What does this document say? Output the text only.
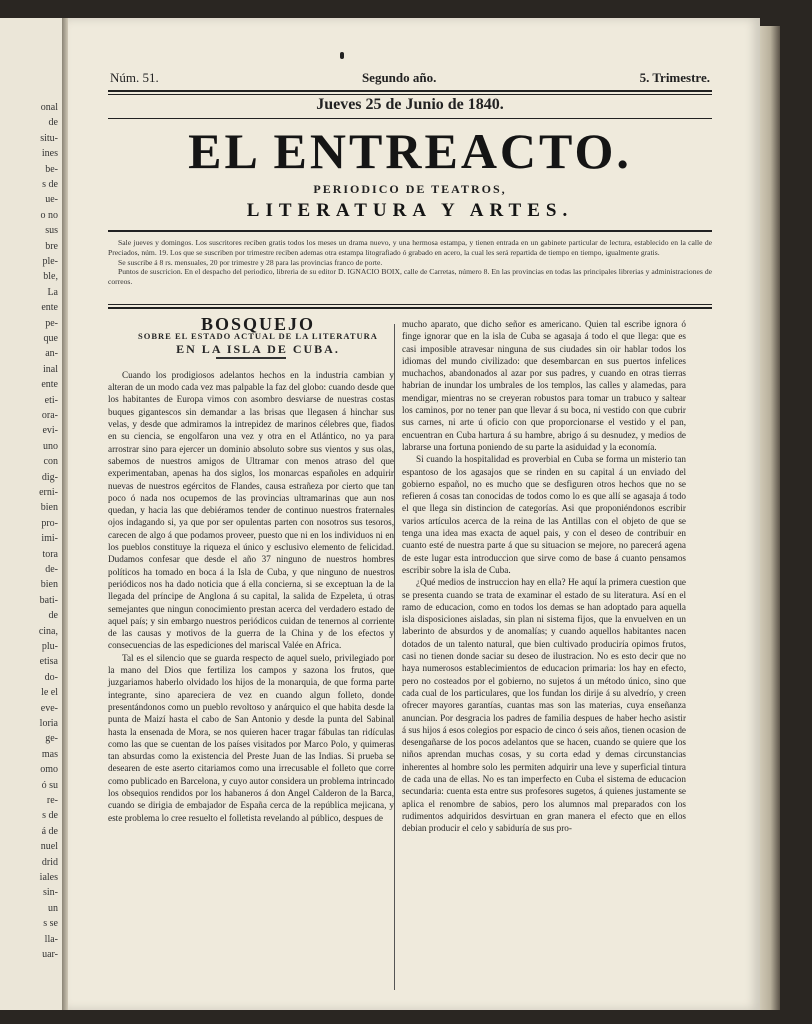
onal
de
situ-
ines
be-
s de
ue-
o no
sus
bre
ple-
ble,
La
ente
pe-
que
an-
inal
ente
eti-
ora-
evi-
uno
con
dig-
erni-
bien
pro-
imi-
tora
de-
bien
bati-
de
cina,
plu-
etisa
do-
le el
eve-
loria
ge-
mas
omo
ó su
re-
s de
á de
nuel
drid
iales
sin-
un
s se
lla-
uar-
Núm. 51.	Segundo año.	5. Trimestre.
Jueves 25 de Junio de 1840.
EL ENTREACTO.
PERIODICO DE TEATROS,
LITERATURA Y ARTES.

Sale jueves y domingos. Los suscritores reciben gratis todos los meses un drama nuevo, y una hermosa estampa, y tienen entrada en un gabinete particular de lectura, establecido en la calle de Preciados, núm. 19. Los que se suscriben por trimestre reciben ademas otra estampa litografiado ó grabado en acero, la cual les será repartida de tiempo en tiempo, igualmente gratis.

Se suscribe á 8 rs. mensuales, 20 por trimestre y 28 para las provincias franco de porte.

Puntos de suscricion. En el despacho del periodico, libreria de su editor D. IGNACIO BOIX, calle de Carretas, número 8. En las provincias en todas las principales librerias y administraciones de correos.

BOSQUEJO

SOBRE EL ESTADO ACTUAL DE LA LITERATURA

EN LA ISLA DE CUBA.

Cuando los prodigiosos adelantos hechos en la industria cambian y alteran de un modo cada vez mas palpable la faz del globo: cuando desde que los habitantes de Europa vimos con asombro desviarse de nuestras costas buques gigantescos sin demandar a las brisas que llegasen á hinchar sus velas, y desde que admiramos la intrepidez de marinos célebres que, fiados en su ciencia, se engolfaron una vez y otra en el Atlántico, no ya para arrostrar sino para ejercer un dominio absoluto sobre sus vientos y sus olas, sabemos de nuestros amigos de Ultramar con menos atraso del que experimentaban, apenas ha dos siglos, los monarcas españoles en adquirir nuevas de nuestros egércitos de Flandes, causa estrañeza por cierto que tan poco ó nada nos ocupemos de las provincias ultramarinas que aun nos quedan, y hacia las que debiéramos tender de continuo nuestros fraternales ojos indagando si, ya que por ser opulentas parten con nosotros sus tesoros, carecen de algo á que podamos proveer, puesto que ni en los individuos ni en los pueblos constituye la riqueza el único y esclusivo elemento de felicidad. Dudamos confesar que desde el año 37 ninguno de nuestros hombres políticos ha tomado en boca á la Isla de Cuba, y que ninguno de nuestros periódicos nos ha dado noticia que á ella concierna, si se exceptuan la de la llegada del príncipe de Anglona á su capital, la salida de Ezpeleta, ú otras semejantes que ningun conocimiento prestan acerca del verdadero estado de aquel país; y sin embargo nuestros periódicos cuidan de tenernos al corriente de las causas y motivos de la guerra de la China y de los efectos y consecuencias de las espediciones del mariscal Valée en Africa.

Tal es el silencio que se guarda respecto de aquel suelo, privilegiado por la mano del Dios que fertiliza los campos y sazona los frutos, que juzgariamos haberlo olvidado los hijos de la monarquia, de que forma parte integrante, sino apareciera de vez en cuando algun folleto, donde presentándonos como un pueblo revoltoso y anárquico el que habita desde la punta de Maizí hasta el cabo de San Antonio y desde la punta del Sabinal hasta la ensenada de Mora, se nos quieren hacer tragar fábulas tan ridículas como las que se cuentan de los países visitados por Marco Polo, y quimeras tan absurdas como la existencia del Preste Juan de las Indias. Si prueba se desearen de este aserto citariamos como una irrecusable el folleto que corre como publicado en Barcelona, y cuyo autor considera un problema intrincado los obsequios rendidos por los habaneros á don Angel Calderon de la Barca, cuando se dirigia de embajador de España cerca de la república mejicana, y este problema lo cree resuelto el folletista revelando al público, despues de

mucho aparato, que dicho señor es americano. Quien tal escribe ignora ó finge ignorar que en la isla de Cuba se agasaja á todo el que llega: que es casi imposible atravesar ninguna de sus ciudades sin oir hablar todos los idiomas del mundo civilizado: que desembarcan en sus puertos infelices muchachos, abandonados al azar por sus padres, y cuando en otras tierras habrian de inundar los umbrales de los templos, las calles y alamedas, para mendigar, mientras no se creyeran robustos para tomar un trabuco y saltear los caminos, por no tener pan que llevar á su boca, ni vestido con que cubrir sus carnes, ni arte ú oficio con que proporcionarse el vestido y el pan, encuentran en Cuba hartura á su hambre, abrigo á su desnudez, y medios de labrarse una fortuna poniendo de su parte la asiduidad y la economía.

Si cuando la hospitalidad es proverbial en Cuba se forma un misterio tan espantoso de los agasajos que se rinden en su capital á un enviado del gobierno español, no es mucho que se desfiguren otros hechos que no se refieren á cosas tan conocidas de todos como lo es que allí se agasaja á todo el que llega sin distincion de categorías. Asi que proponiéndonos escribir varios artículos acerca de la reina de las Antillas con el objeto de que se tenga una idea mas exacta de aquel pais, y con el deseo de contribuir en cuanto esté de nuestra parte á que su situacion se mejore, no parecerá agena de este lugar esta introduccion que sirve como de base á cuanto pensamos escribir sobre la isla de Cuba.

¿Qué medios de instruccion hay en ella? He aquí la primera cuestion que se presenta cuando se trata de examinar el estado de su literatura. Así en el ramo de educacion, como en todos los demas se han adoptado para aquella isla disposiciones aisladas, sin plan ni sistema fijos, que la envuelven en un laberinto de absurdos y de anomalías; y cuando aquellos habitantes nacen dotados de un talento natural, que bien cultivado produciría opimos frutos, casi no tienen donde saciar su deseo de ilustracion. No es esto decir que no haya numerosos establecimientos de educacion primaria: los hay en efecto, pero no costeados por el gobierno, no sujetos á un método único, sino que cada cual de los particulares, que los fundan los dirije á su alvedrío, y creen ofrecer mayores garantías, cuantas mas son las materias, cuya enseñanza anuncian. Por desgracia los padres de familia despues de haber hecho asistir á sus hijos á esos colegios por espacio de cinco ó seis años, tienen ocasion de desengañarse de los pocos adelantos que se hacen, cuando se quiere que los niños aprendan muchas cosas, y su corta edad y demas circunstancias inherentes al hombre solo les permiten adquirir una leve y superficial tintura de cada una de ellas. No es tan imperfecto en Cuba el sistema de educacion secundaria: cuenta esta entre sus profesores sugetos, á quienes justamente se aplica el renombre de sabios, pero los alumnos mal preparados con los rudimentos adquiridos desvirtuan en gran manera el efecto que en ellos debian producir el celo y sabiduría de sus pro-
